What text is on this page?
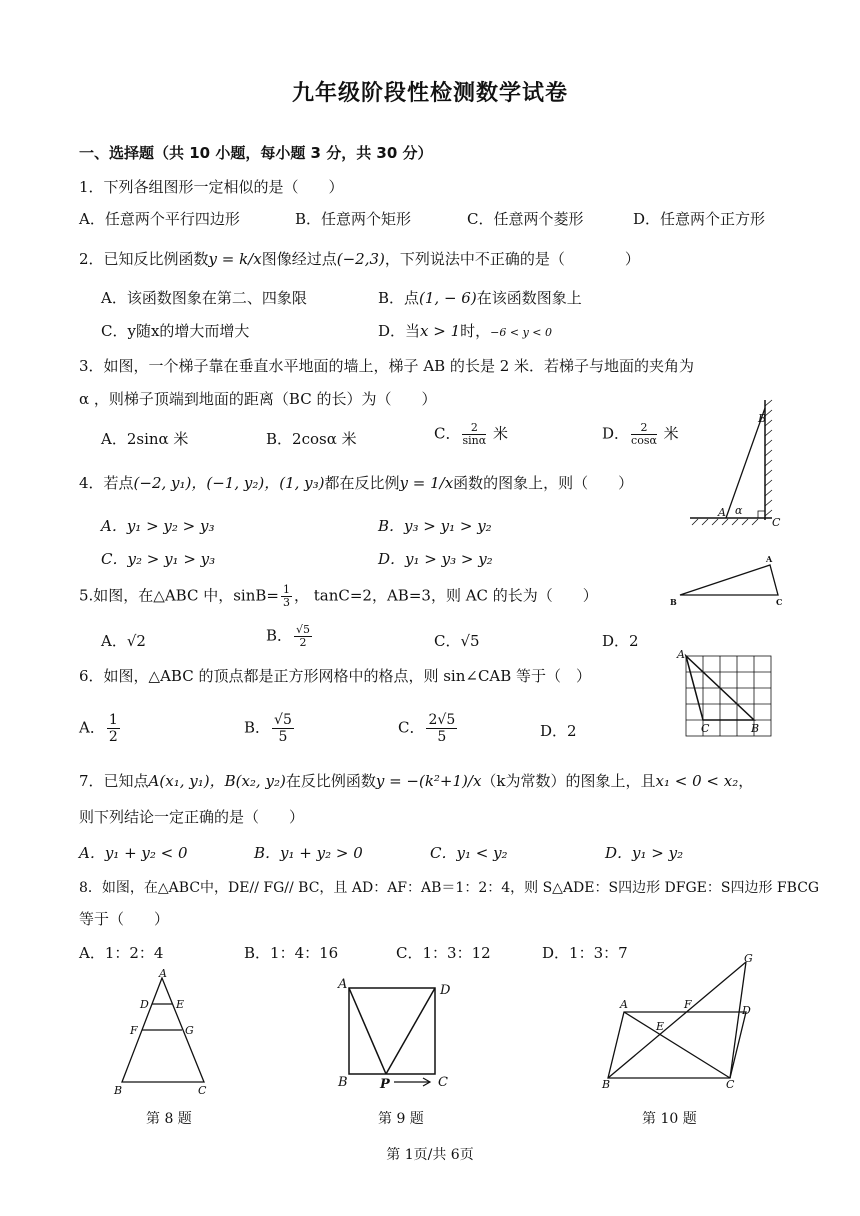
九年级阶段性检测数学试卷
一、选择题（共 10 小题，每小题 3 分，共 30 分）
1．下列各组图形一定相似的是（　　）
A．任意两个平行四边形	B．任意两个矩形	C．任意两个菱形	D．任意两个正方形
2．已知反比例函数y = k/x图像经过点(−2,3)，下列说法中不正确的是（　　　　）
A．该函数图象在第二、四象限	B．点(1, − 6)在该函数图象上
C．y随x的增大而增大	D．当x > 1时，−6 < y < 0
3．如图，一个梯子靠在垂直水平地面的墙上，梯子 AB 的长是 2 米．若梯子与地面的夹角为
α ，则梯子顶端到地面的距离（BC 的长）为（　　）
A．2sinα 米	B．2cosα 米	C． $\frac{2}{\sin\alpha}$ 米	D． $\frac{2}{\cos\alpha}$ 米
B
A α
C
4．若点(−2, y₁)，(−1, y₂)，(1, y₃)都在反比例y = 1/x函数的图象上，则（　　）
A．y₁ > y₂ > y₃	B．y₃ > y₁ > y₂
C．y₂ > y₁ > y₃	D．y₁ > y₃ > y₂
5.如图，在△ABC 中，$\sin B= \frac{1}{3}$ ， tanC=2，AB=3，则 AC 的长为（　　）
A
B	C
A．√2	B． $\frac{√5}{2}$	C．√5	D．2
6．如图，△ABC 的顶点都是正方形网格中的格点，则 sin∠CAB 等于（　）
A． $\frac{1}{2}$	B． $\frac{√5}{5}$	C． $\frac{2√5}{5}$	D．2
A
C	B
7．已知点A(x₁, y₁)，B(x₂, y₂)在反比例函数y = −(k²+1)/x（k为常数）的图象上，且x₁ < 0 < x₂，
则下列结论一定正确的是（　　）
A．y₁ + y₂ < 0	B．y₁ + y₂ > 0	C．y₁ < y₂	D．y₁ > y₂
8．如图，在△ABC中，DE// FG// BC，且 AD：AF：AB＝1：2：4，则 S△ADE：S四边形 DFGE：S四边形 FBCG
等于（　　）
A．1：2：4	B．1：4：16	C．1：3：12	D．1：3：7
A
D E
F	G
B	C
A	D
B P	C
G
A	F	D
E
B	C
第 8 题	第 9 题	第 10 题
第 1页/共 6页
